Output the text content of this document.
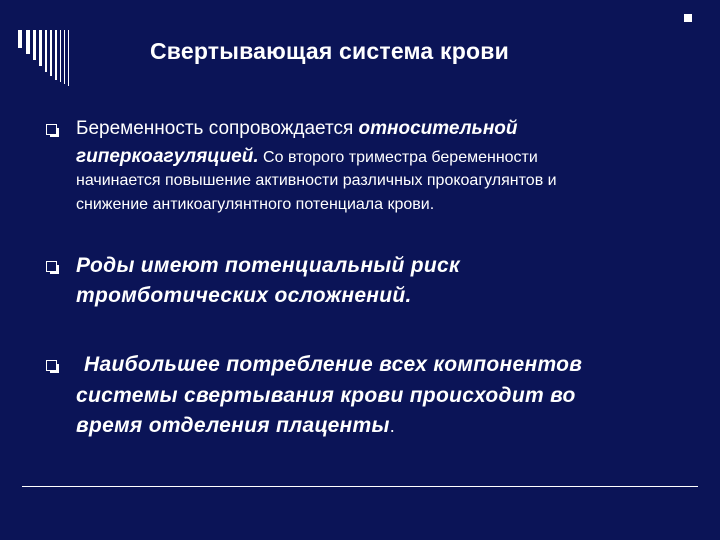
Свертывающая система крови
Беременность сопровождается относительной
гиперкоагуляцией. Со второго триместра беременности
начинается повышение активности различных прокоагулянтов и
снижение антикоагулянтного потенциала крови.
Роды имеют потенциальный риск
тромботических осложнений.
Наибольшее потребление всех компонентов
системы свертывания крови происходит во
время отделения плаценты.
